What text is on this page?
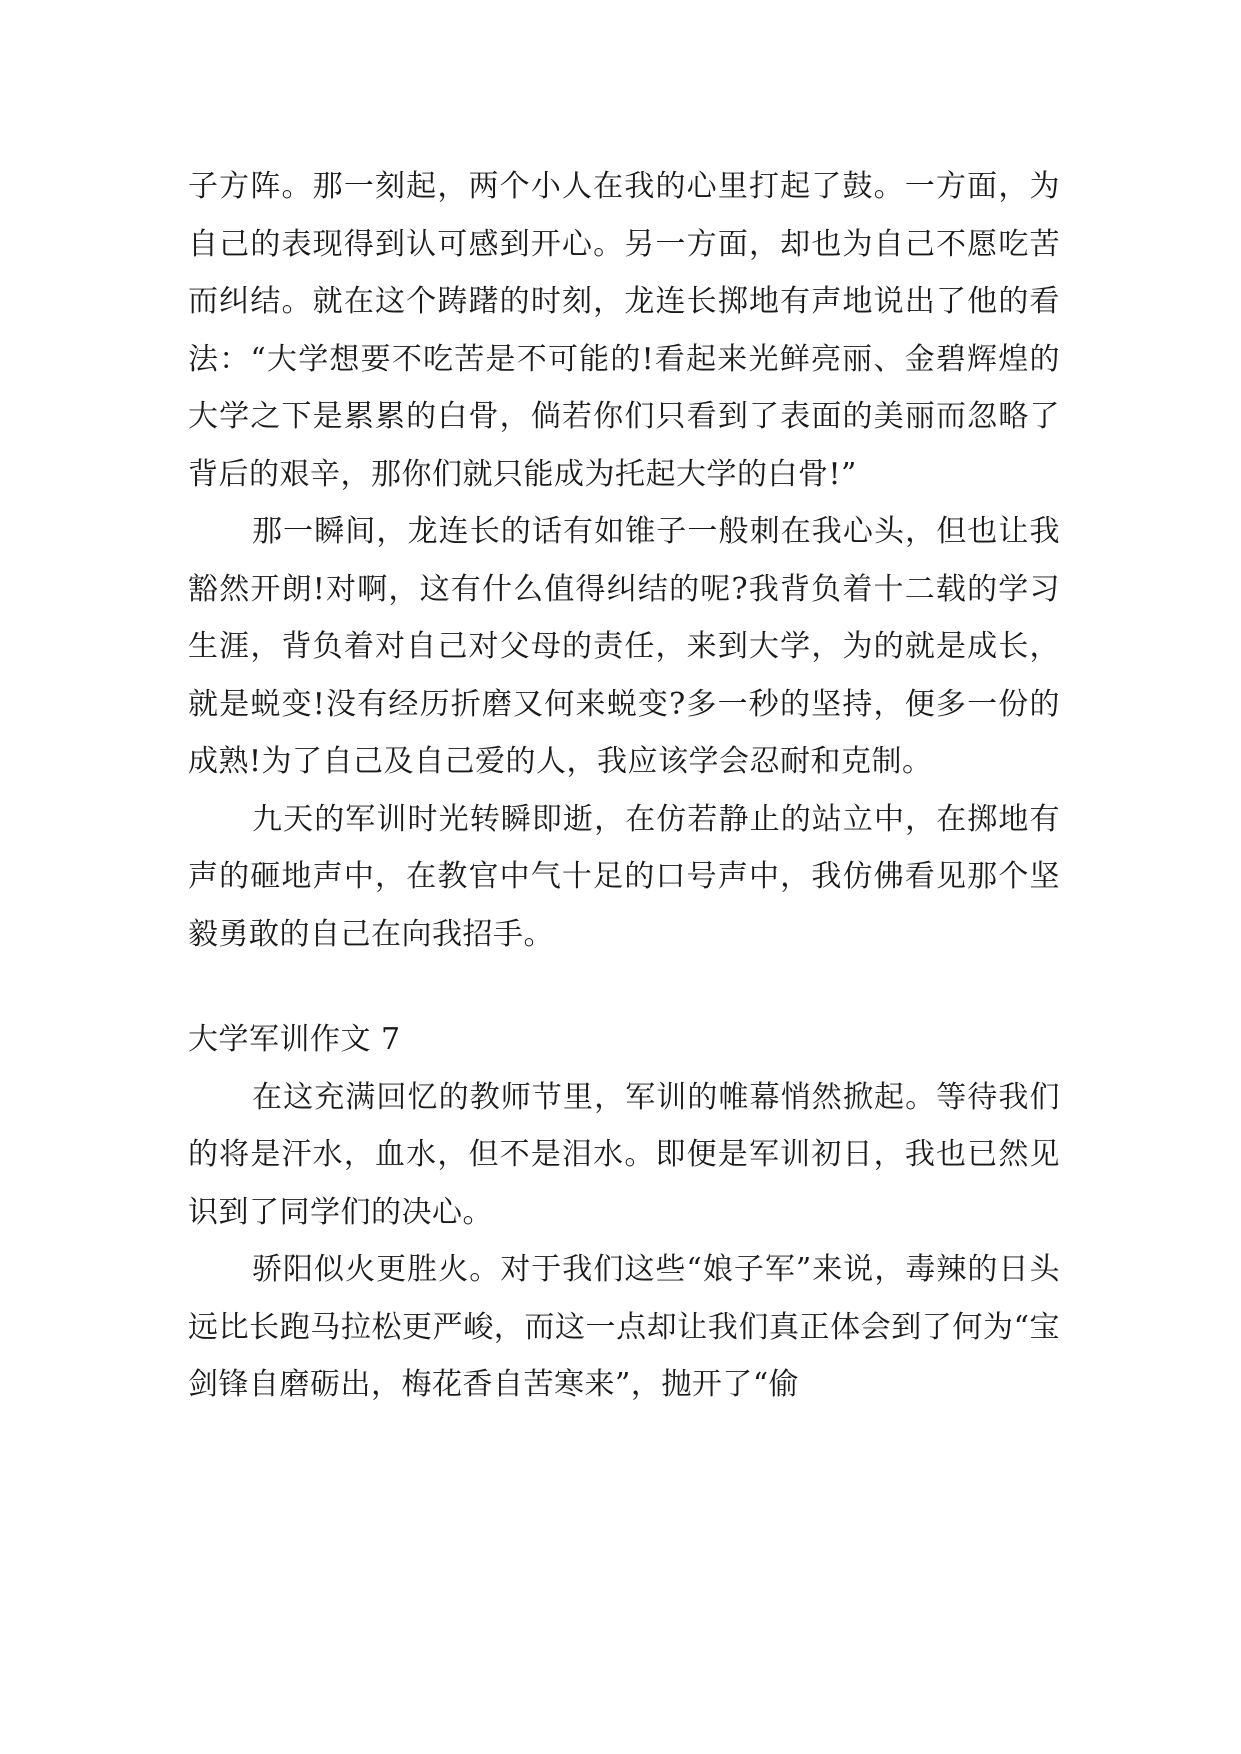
子方阵。那一刻起，两个小人在我的心里打起了鼓。一方面，为自己的表现得到认可感到开心。另一方面，却也为自己不愿吃苦而纠结。就在这个踌躇的时刻，龙连长掷地有声地说出了他的看法：“大学想要不吃苦是不可能的!看起来光鲜亮丽、金碧辉煌的大学之下是累累的白骨，倘若你们只看到了表面的美丽而忽略了背后的艰辛，那你们就只能成为托起大学的白骨!”

那一瞬间，龙连长的话有如锥子一般刺在我心头，但也让我豁然开朗!对啊，这有什么值得纠结的呢?我背负着十二载的学习生涯，背负着对自己对父母的责任，来到大学，为的就是成长，就是蜕变!没有经历折磨又何来蜕变?多一秒的坚持，便多一份的成熟!为了自己及自己爱的人，我应该学会忍耐和克制。

九天的军训时光转瞬即逝，在仿若静止的站立中，在掷地有声的砸地声中，在教官中气十足的口号声中，我仿佛看见那个坚毅勇敢的自己在向我招手。

大学军训作文 7

在这充满回忆的教师节里，军训的帷幕悄然掀起。等待我们的将是汗水，血水，但不是泪水。即便是军训初日，我也已然见识到了同学们的决心。

骄阳似火更胜火。对于我们这些“娘子军”来说，毒辣的日头远比长跑马拉松更严峻，而这一点却让我们真正体会到了何为“宝剑锋自磨砺出，梅花香自苦寒来”，抛开了“偷
